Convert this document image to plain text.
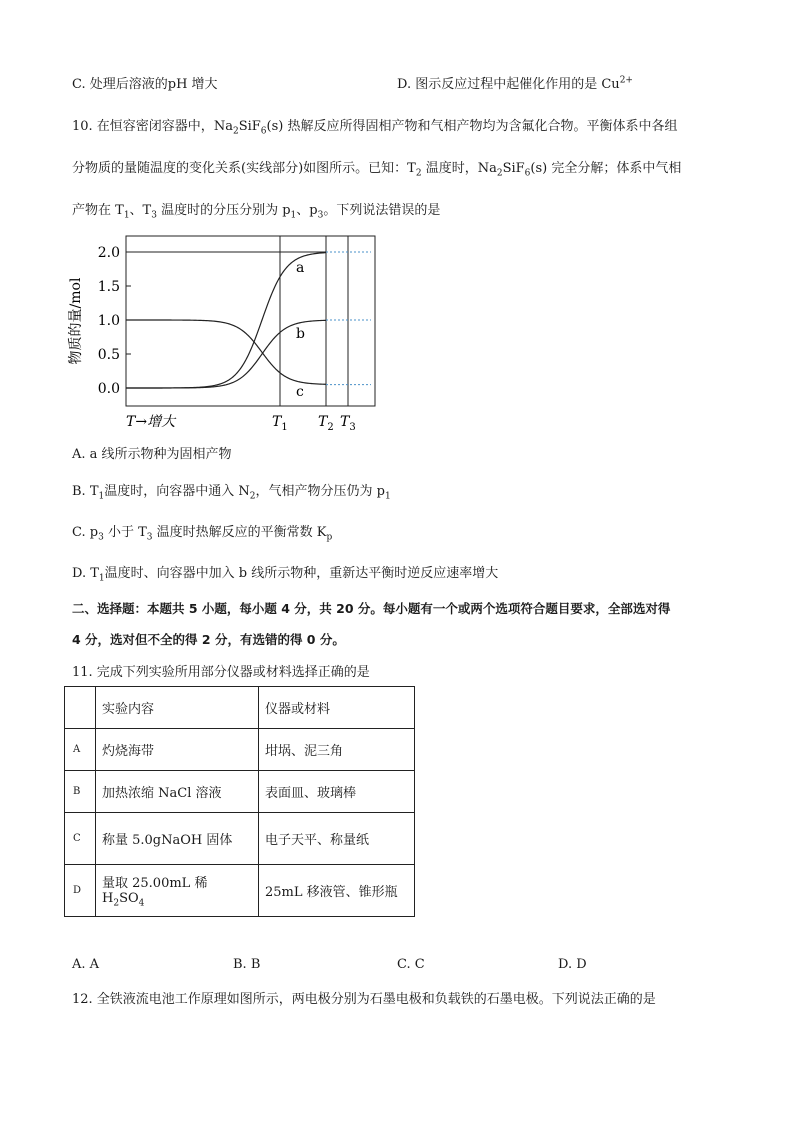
C. 处理后溶液的pH 增大	D. 图示反应过程中起催化作用的是 $Cu^{2+}$
10. 在恒容密闭容器中，$Na_2SiF_6(s)$ 热解反应所得固相产物和气相产物均为含氟化合物。平衡体系中各组
分物质的量随温度的变化关系(实线部分)如图所示。已知：$T_2$ 温度时，$Na_2SiF_6(s)$ 完全分解；体系中气相
产物在 $T_1$、$T_3$ 温度时的分压分别为 $p_1$、$p_3$。下列说法错误的是
2.0
1.5
1.0
0.5
0.0
物质的量/mol
a
b
c
T→增大	$T_1$ $T_2$ $T_3$
A. a 线所示物种为固相产物
B. $T_1$温度时，向容器中通入 $N_2$，气相产物分压仍为 $p_1$
C. $p_3$ 小于 $T_3$ 温度时热解反应的平衡常数 $K_p$
D. $T_1$温度时、向容器中加入 b 线所示物种，重新达平衡时逆反应速率增大
二、选择题：本题共 5 小题，每小题 4 分，共 20 分。每小题有一个或两个选项符合题目要求，全部选对得
4 分，选对但不全的得 2 分，有选错的得 0 分。
11. 完成下列实验所用部分仪器或材料选择正确的是
	实验内容	仪器或材料
A	灼烧海带	坩埚、泥三角
B	加热浓缩 NaCl 溶液	表面皿、玻璃棒
C	称量 5.0gNaOH 固体	电子天平、称量纸
D	量取 25.00mL 稀 $H_2SO_4$	25mL 移液管、锥形瓶
A. A	B. B	C. C	D. D
12. 全铁液流电池工作原理如图所示，两电极分别为石墨电极和负载铁的石墨电极。下列说法正确的是
